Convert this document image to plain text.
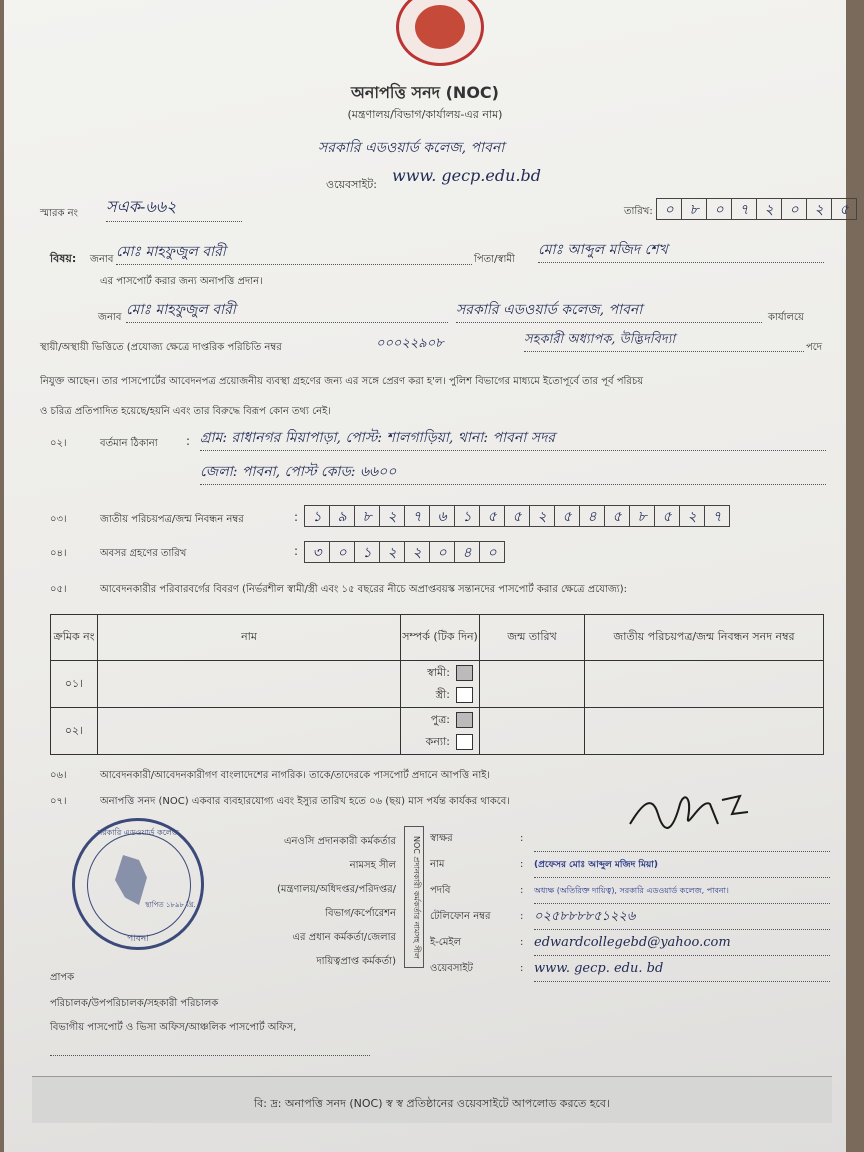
অনাপত্তি সনদ (NOC)
(মন্ত্রণালয়/বিভাগ/কার্যালয়-এর নাম)
সরকারি এডওয়ার্ড কলেজ, পাবনা
ওয়েবসাইট: www. gecp.edu.bd
স্মারক নং সএক-৬৬২	তারিখ: ০	৮	০	৭	২	০	২	৫
বিষয়: জনাব মোঃ মাহফুজুল বারী	পিতা/স্বামী
মোঃ আব্দুল মজিদ শেখ
এর পাসপোর্ট করার জন্য অনাপত্তি প্রদান।
জনাব মোঃ মাহফুজুল বারী	সরকারি এডওয়ার্ড কলেজ, পাবনা	কার্যালয়ে
স্থায়ী/অস্থায়ী ভিত্তিতে (প্রযোজ্য ক্ষেত্রে দাপ্তরিক পরিচিতি নম্বর	০০০২২৯০৮	সহকারী অধ্যাপক, উদ্ভিদবিদ্যা
পদে
নিযুক্ত আছেন। তার পাসপোর্টের আবেদনপত্র প্রয়োজনীয় ব্যবস্থা গ্রহণের জন্য এর সঙ্গে প্রেরণ করা হ'ল। পুলিশ বিভাগের মাধ্যমে ইতোপূর্বে তার পূর্ব পরিচয়
ও চরিত্র প্রতিপাদিত হয়েছে/হয়নি এবং তার বিরুদ্ধে বিরূপ কোন তথ্য নেই।
০২।	বর্তমান ঠিকানা : গ্রাম: রাধানগর মিয়াপাড়া, পোস্ট: শালগাড়িয়া, থানা: পাবনা সদর
জেলা: পাবনা, পোস্ট কোড: ৬৬০০
০৩।	জাতীয় পরিচয়পত্র/জন্ম নিবন্ধন নম্বর	:	১	৯	৮	২	৭	৬	১	৫	৫	২	৫	৪	৫	৮	৫	২	৭
০৪।	অবসর গ্রহণের তারিখ	:	৩	০	১	২	২	০	৪	০
০৫।	আবেদনকারীর পরিবারবর্গের বিবরণ (নির্ভরশীল স্বামী/স্ত্রী এবং ১৫ বছরের নীচে অপ্রাপ্তবয়স্ক সন্তানদের পাসপোর্ট করার ক্ষেত্রে প্রযোজ্য):
ক্রমিক নং	নাম	সম্পর্ক (টিক দিন)	জন্ম তারিখ	জাতীয় পরিচয়পত্র/জন্ম নিবন্ধন সনদ নম্বর
০১।		স্বামী:
স্ত্রী:		
০২।		পুত্র:
কন্যা:		
০৬।	আবেদনকারী/আবেদনকারীগণ বাংলাদেশের নাগরিক। তাকে/তাদেরকে পাসপোর্ট প্রদানে আপত্তি নাই।
০৭।	অনাপত্তি সনদ (NOC) একবার ব্যবহারযোগ্য এবং ইস্যুর তারিখ হতে ০৬ (ছয়) মাস পর্যন্ত কার্যকর থাকবে।
সরকারি এডওয়ার্ড কলেজ
স্থাপিত ১৮৯৮ খ্রি.
পাবনা
এনওসি প্রদানকারী কর্মকর্তার
নামসহ সীল
(মন্ত্রণালয়/অধিদপ্তর/পরিদপ্তর/
বিভাগ/কর্পোরেশন
এর প্রধান কর্মকর্তা/জেলার
দায়িত্বপ্রাপ্ত কর্মকর্তা)
NOC প্রদানকারী কর্মকর্তার নামসহ সীল স্বাক্ষর	:
নাম	:	(প্রফেসর মোঃ আব্দুল মজিদ মিয়া)
পদবি	:	অধ্যক্ষ (অতিরিক্ত দায়িত্ব), সরকারি এডওয়ার্ড কলেজ, পাবনা।
টেলিফোন নম্বর	: ০২৫৮৮৮৮৫১২২৬
ই-মেইল	: edwardcollegebd@yahoo.com
ওয়েবসাইট	: www. gecp. edu. bd
প্রাপক
পরিচালক/উপপরিচালক/সহকারী পরিচালক
বিভাগীয় পাসপোর্ট ও ভিসা অফিস/আঞ্চলিক পাসপোর্ট অফিস,
বি: দ্র: অনাপত্তি সনদ (NOC) স্ব স্ব প্রতিষ্ঠানের ওয়েবসাইটে আপলোড করতে হবে।
